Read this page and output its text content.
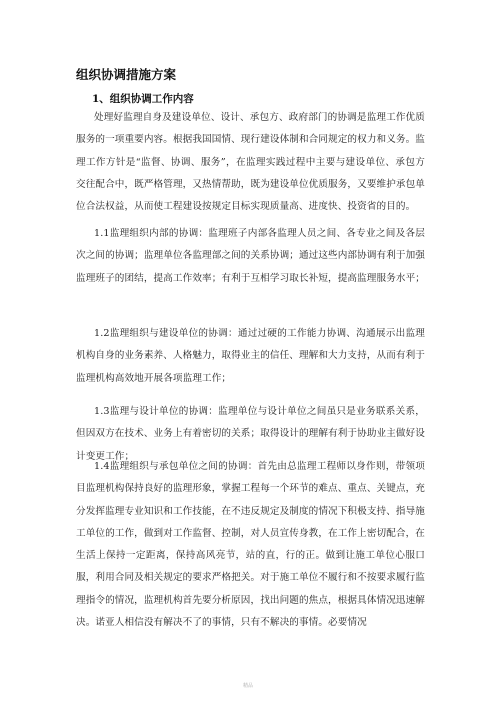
组织协调措施方案
1、组织协调工作内容

处理好监理自身及建设单位、设计、承包方、政府部门的协调是监理工作优质服务的一项重要内容。根据我国国情、现行建设体制和合同规定的权力和义务。监理工作方针是“监督、协调、服务”，在监理实践过程中主要与建设单位、承包方交往配合中，既严格管理，又热情帮助，既为建设单位优质服务，又要维护承包单位合法权益，从而使工程建设按规定目标实现质量高、进度快、投资省的目的。

1.1监理组织内部的协调：监理班子内部各监理人员之间、各专业之间及各层次之间的协调；监理单位各监理部之间的关系协调；通过这些内部协调有利于加强监理班子的团结，提高工作效率；有利于互相学习取长补短，提高监理服务水平；

1.2监理组织与建设单位的协调：通过过硬的工作能力协调、沟通展示出监理机构自身的业务素养、人格魅力，取得业主的信任、理解和大力支持，从而有利于监理机构高效地开展各项监理工作；

1.3监理与设计单位的协调：监理单位与设计单位之间虽只是业务联系关系，但因双方在技术、业务上有着密切的关系；取得设计的理解有利于协助业主做好设计变更工作；

1.4监理组织与承包单位之间的协调：首先由总监理工程师以身作则，带领项目监理机构保持良好的监理形象，掌握工程每一个环节的难点、重点、关键点，充分发挥监理专业知识和工作技能，在不违反规定及制度的情况下积极支持、指导施工单位的工作，做到对工作监督、控制，对人员宣传身教，在工作上密切配合，在生活上保持一定距离，保持高风亮节，站的直，行的正。做到让施工单位心服口服，利用合同及相关规定的要求严格把关。对于施工单位不履行和不按要求履行监理指令的情况，监理机构首先要分析原因，找出问题的焦点，根据具体情况迅速解决。诺亚人相信没有解决不了的事情，只有不解决的事情。必要情况

精品
